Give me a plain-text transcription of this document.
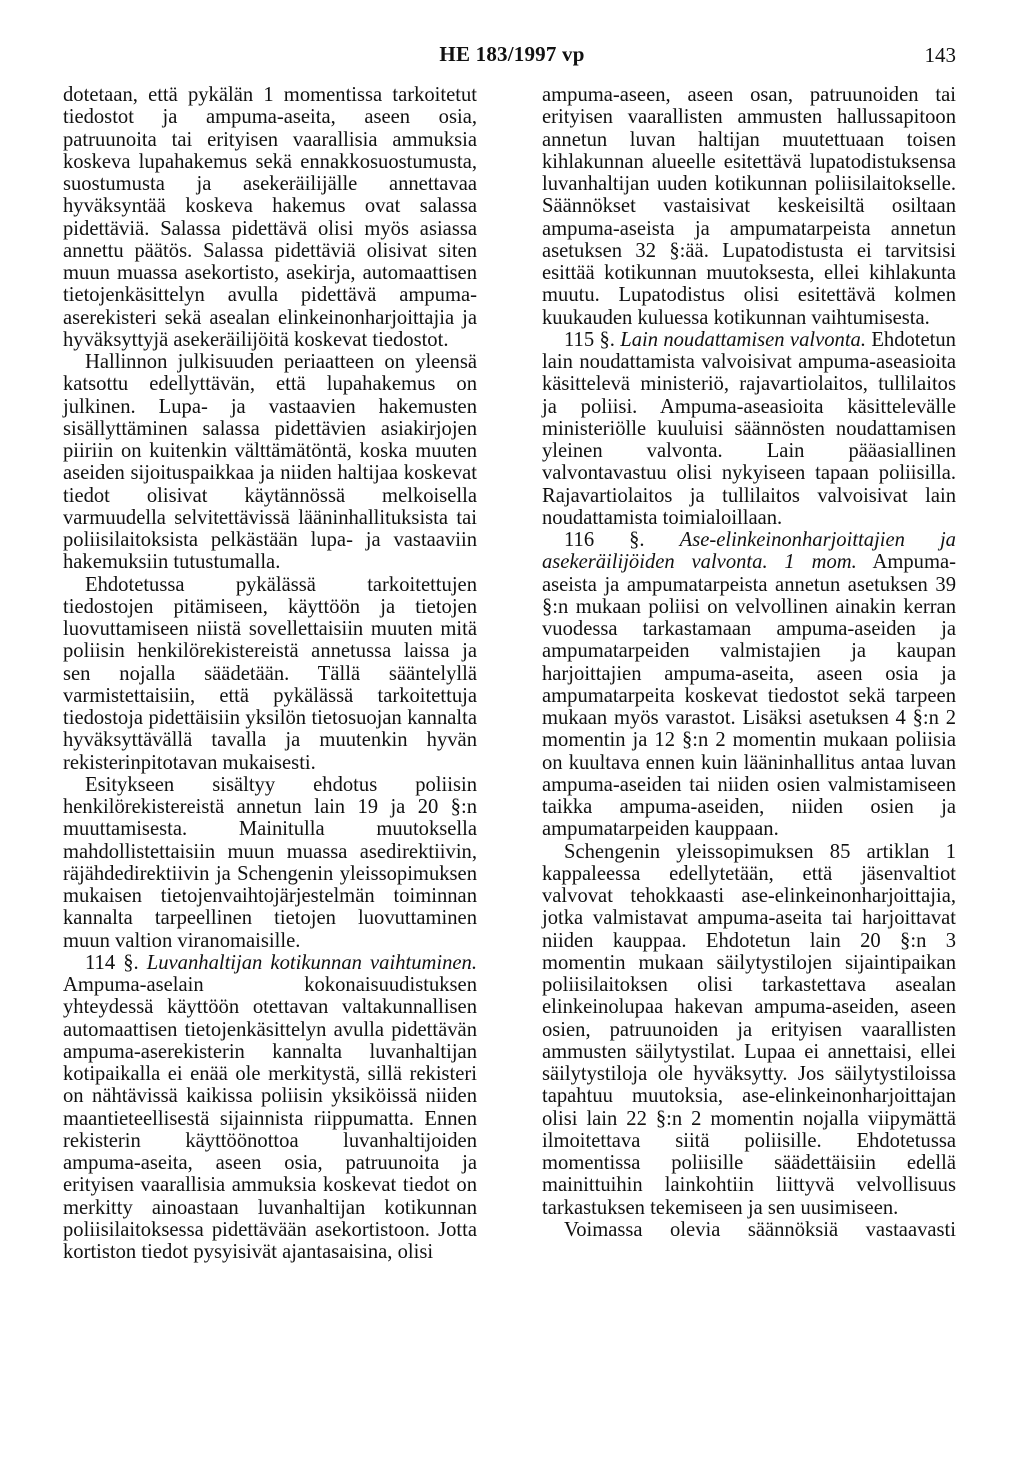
HE 183/1997 vp	143

dotetaan, että pykälän 1 momentissa tarkoitetut tiedostot ja ampuma-aseita, aseen osia, patruunoita tai erityisen vaarallisia ammuksia koskeva lupahakemus sekä ennakkosuostumusta, suostumusta ja asekeräilijälle annettavaa hyväksyntää koskeva hakemus ovat salassa pidettäviä. Salassa pidettävä olisi myös asiassa annettu päätös. Salassa pidettäviä olisivat siten muun muassa asekortisto, asekirja, automaattisen tietojenkäsittelyn avulla pidettävä ampuma-aserekisteri sekä asealan elinkeinonharjoittajia ja hyväksyttyjä asekeräilijöitä koskevat tiedostot.

Hallinnon julkisuuden periaatteen on yleensä katsottu edellyttävän, että lupahakemus on julkinen. Lupa- ja vastaavien hakemusten sisällyttäminen salassa pidettävien asiakirjojen piiriin on kuitenkin välttämätöntä, koska muuten aseiden sijoituspaikkaa ja niiden haltijaa koskevat tiedot olisivat käytännössä melkoisella varmuudella selvitettävissä lääninhallituksista tai poliisilaitoksista pelkästään lupa- ja vastaaviin hakemuksiin tutustumalla.

Ehdotetussa pykälässä tarkoitettujen tiedostojen pitämiseen, käyttöön ja tietojen luovuttamiseen niistä sovellettaisiin muuten mitä poliisin henkilörekistereistä annetussa laissa ja sen nojalla säädetään. Tällä sääntelyllä varmistettaisiin, että pykälässä tarkoitettuja tiedostoja pidettäisiin yksilön tietosuojan kannalta hyväksyttävällä tavalla ja muutenkin hyvän rekisterinpitotavan mukaisesti.

Esitykseen sisältyy ehdotus poliisin henkilörekistereistä annetun lain 19 ja 20 §:n muuttamisesta. Mainitulla muutoksella mahdollistettaisiin muun muassa asedirektiivin, räjähdedirektiivin ja Schengenin yleissopimuksen mukaisen tietojenvaihtojärjestelmän toiminnan kannalta tarpeellinen tietojen luovuttaminen muun valtion viranomaisille.

114 §. Luvanhaltijan kotikunnan vaihtuminen. Ampuma-aselain kokonaisuudistuksen yhteydessä käyttöön otettavan valtakunnallisen automaattisen tietojenkäsittelyn avulla pidettävän ampuma-aserekisterin kannalta luvanhaltijan kotipaikalla ei enää ole merkitystä, sillä rekisteri on nähtävissä kaikissa poliisin yksiköissä niiden maantieteellisestä sijainnista riippumatta. Ennen rekisterin käyttöönottoa luvanhaltijoiden ampuma-aseita, aseen osia, patruunoita ja erityisen vaarallisia ammuksia koskevat tiedot on merkitty ainoastaan luvanhaltijan kotikunnan poliisilaitoksessa pidettävään asekortistoon. Jotta kortiston tiedot pysyisivät ajantasaisina, olisi

ampuma-aseen, aseen osan, patruunoiden tai erityisen vaarallisten ammusten hallussapitoon annetun luvan haltijan muutettuaan toisen kihlakunnan alueelle esitettävä lupatodistuksensa luvanhaltijan uuden kotikunnan poliisilaitokselle. Säännökset vastaisivat keskeisiltä osiltaan ampuma-aseista ja ampumatarpeista annetun asetuksen 32 §:ää. Lupatodistusta ei tarvitsisi esittää kotikunnan muutoksesta, ellei kihlakunta muutu. Lupatodistus olisi esitettävä kolmen kuukauden kuluessa kotikunnan vaihtumisesta.

115 §. Lain noudattamisen valvonta. Ehdotetun lain noudattamista valvoisivat ampuma-aseasioita käsittelevä ministeriö, rajavartiolaitos, tullilaitos ja poliisi. Ampuma-aseasioita käsittelevälle ministeriölle kuuluisi säännösten noudattamisen yleinen valvonta. Lain pääasiallinen valvontavastuu olisi nykyiseen tapaan poliisilla. Rajavartiolaitos ja tullilaitos valvoisivat lain noudattamista toimialoillaan.

116 §. Ase-elinkeinonharjoittajien ja asekeräilijöiden valvonta. 1 mom. Ampuma-aseista ja ampumatarpeista annetun asetuksen 39 §:n mukaan poliisi on velvollinen ainakin kerran vuodessa tarkastamaan ampuma-aseiden ja ampumatarpeiden valmistajien ja kaupan harjoittajien ampuma-aseita, aseen osia ja ampumatarpeita koskevat tiedostot sekä tarpeen mukaan myös varastot. Lisäksi asetuksen 4 §:n 2 momentin ja 12 §:n 2 momentin mukaan poliisia on kuultava ennen kuin lääninhallitus antaa luvan ampuma-aseiden tai niiden osien valmistamiseen taikka ampuma-aseiden, niiden osien ja ampumatarpeiden kauppaan.

Schengenin yleissopimuksen 85 artiklan 1 kappaleessa edellytetään, että jäsenvaltiot valvovat tehokkaasti ase-elinkeinonharjoittajia, jotka valmistavat ampuma-aseita tai harjoittavat niiden kauppaa. Ehdotetun lain 20 §:n 3 momentin mukaan säilytystilojen sijaintipaikan poliisilaitoksen olisi tarkastettava asealan elinkeinolupaa hakevan ampuma-aseiden, aseen osien, patruunoiden ja erityisen vaarallisten ammusten säilytystilat. Lupaa ei annettaisi, ellei säilytystiloja ole hyväksytty. Jos säilytystiloissa tapahtuu muutoksia, ase-elinkeinonharjoittajan olisi lain 22 §:n 2 momentin nojalla viipymättä ilmoitettava siitä poliisille. Ehdotetussa momentissa poliisille säädettäisiin edellä mainittuihin lainkohtiin liittyvä velvollisuus tarkastuksen tekemiseen ja sen uusimiseen.

Voimassa olevia säännöksiä vastaavasti
